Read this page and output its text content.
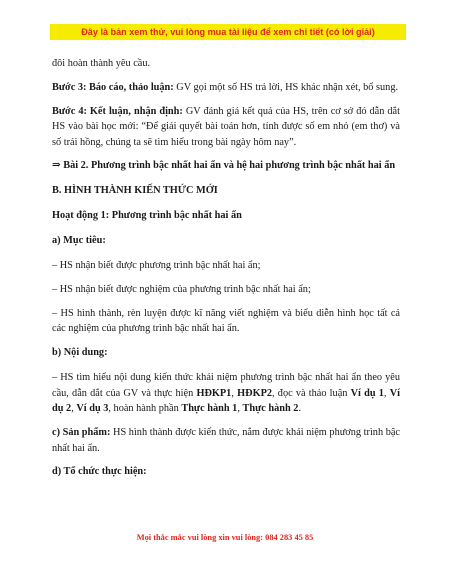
Đây là bản xem thử, vui lòng mua tài liệu để xem chi tiết (có lời giải)

đôi hoàn thành yêu cầu.

Bước 3: Báo cáo, thảo luận: GV gọi một số HS trả lời, HS khác nhận xét, bổ sung.

Bước 4: Kết luận, nhận định: GV đánh giá kết quả của HS, trên cơ sở đó dẫn dắt HS vào bài học mới: “Để giải quyết bài toán hơn, tính được số em nhỏ (em thơ) và số trái hồng, chúng ta sẽ tìm hiểu trong bài ngày hôm nay”.

⇒ Bài 2. Phương trình bậc nhất hai ẩn và hệ hai phương trình bậc nhất hai ẩn

B. HÌNH THÀNH KIẾN THỨC MỚI

Hoạt động 1: Phương trình bậc nhất hai ẩn

a) Mục tiêu:

– HS nhận biết được phương trình bậc nhất hai ẩn;

– HS nhận biết được nghiệm của phương trình bậc nhất hai ẩn;

– HS hình thành, rèn luyện được kĩ năng viết nghiệm và biểu diễn hình học tất cả các nghiệm của phương trình bậc nhất hai ẩn.

b) Nội dung:

– HS tìm hiểu nội dung kiến thức khái niệm phương trình bậc nhất hai ẩn theo yêu cầu, dẫn dắt của GV và thực hiện HĐKP1, HĐKP2, đọc và thảo luận Ví dụ 1, Ví dụ 2, Ví dụ 3, hoàn hành phần Thực hành 1, Thực hành 2.

c) Sản phẩm: HS hình thành được kiến thức, nắm được khái niệm phương trình bậc nhất hai ẩn.

d) Tổ chức thực hiện:

Mọi thắc mắc vui lòng xin vui lòng: 084 283 45 85
